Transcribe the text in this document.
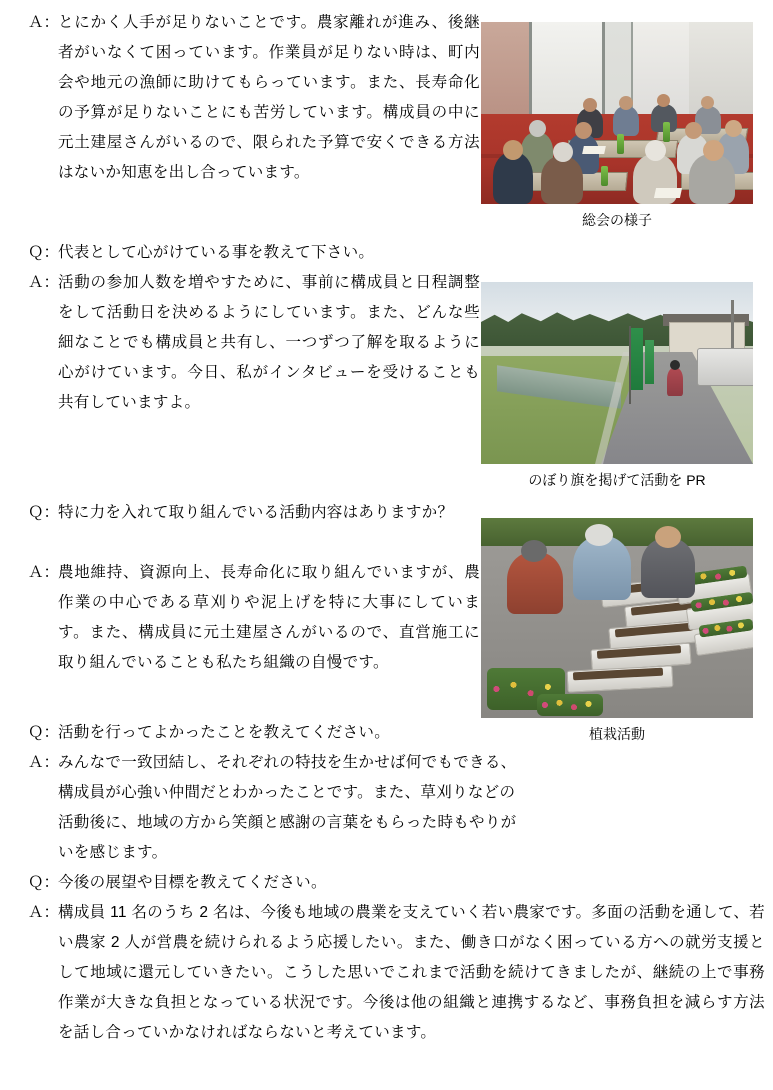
Ａ：
とにかく人手が足りないことです。農家離れが進み、後継者がいなくて困っています。作業員が足りない時は、町内会や地元の漁師に助けてもらっています。また、長寿命化の予算が足りないことにも苦労しています。構成員の中に元土建屋さんがいるので、限られた予算で安くできる方法はないか知恵を出し合っています。
Ｑ：
代表として心がけている事を教えて下さい。
Ａ：
活動の参加人数を増やすために、事前に構成員と日程調整をして活動日を決めるようにしています。また、どんな些細なことでも構成員と共有し、一つずつ了解を取るように心がけています。今日、私がインタビューを受けることも共有していますよ。
Ｑ：
特に力を入れて取り組んでいる活動内容はありますか？
Ａ：
農地維持、資源向上、長寿命化に取り組んでいますが、農作業の中心である草刈りや泥上げを特に大事にしています。また、構成員に元土建屋さんがいるので、直営施工に取り組んでいることも私たち組織の自慢です。
Ｑ：
活動を行ってよかったことを教えてください。
Ａ：
みんなで一致団結し、それぞれの特技を生かせば何でもできる、構成員が心強い仲間だとわかったことです。また、草刈りなどの活動後に、地域の方から笑顔と感謝の言葉をもらった時もやりがいを感じます。
Ｑ：
今後の展望や目標を教えてください。
Ａ：
構成員 11 名のうち 2 名は、今後も地域の農業を支えていく若い農家です。多面の活動を通して、若い農家 2 人が営農を続けられるよう応援したい。また、働き口がなく困っている方への就労支援として地域に還元していきたい。こうした思いでこれまで活動を続けてきましたが、継続の上で事務作業が大きな負担となっている状況です。今後は他の組織と連携するなど、事務負担を減らす方法を話し合っていかなければならないと考えています。
総会の様子
のぼり旗を掲げて活動を PR
植栽活動
